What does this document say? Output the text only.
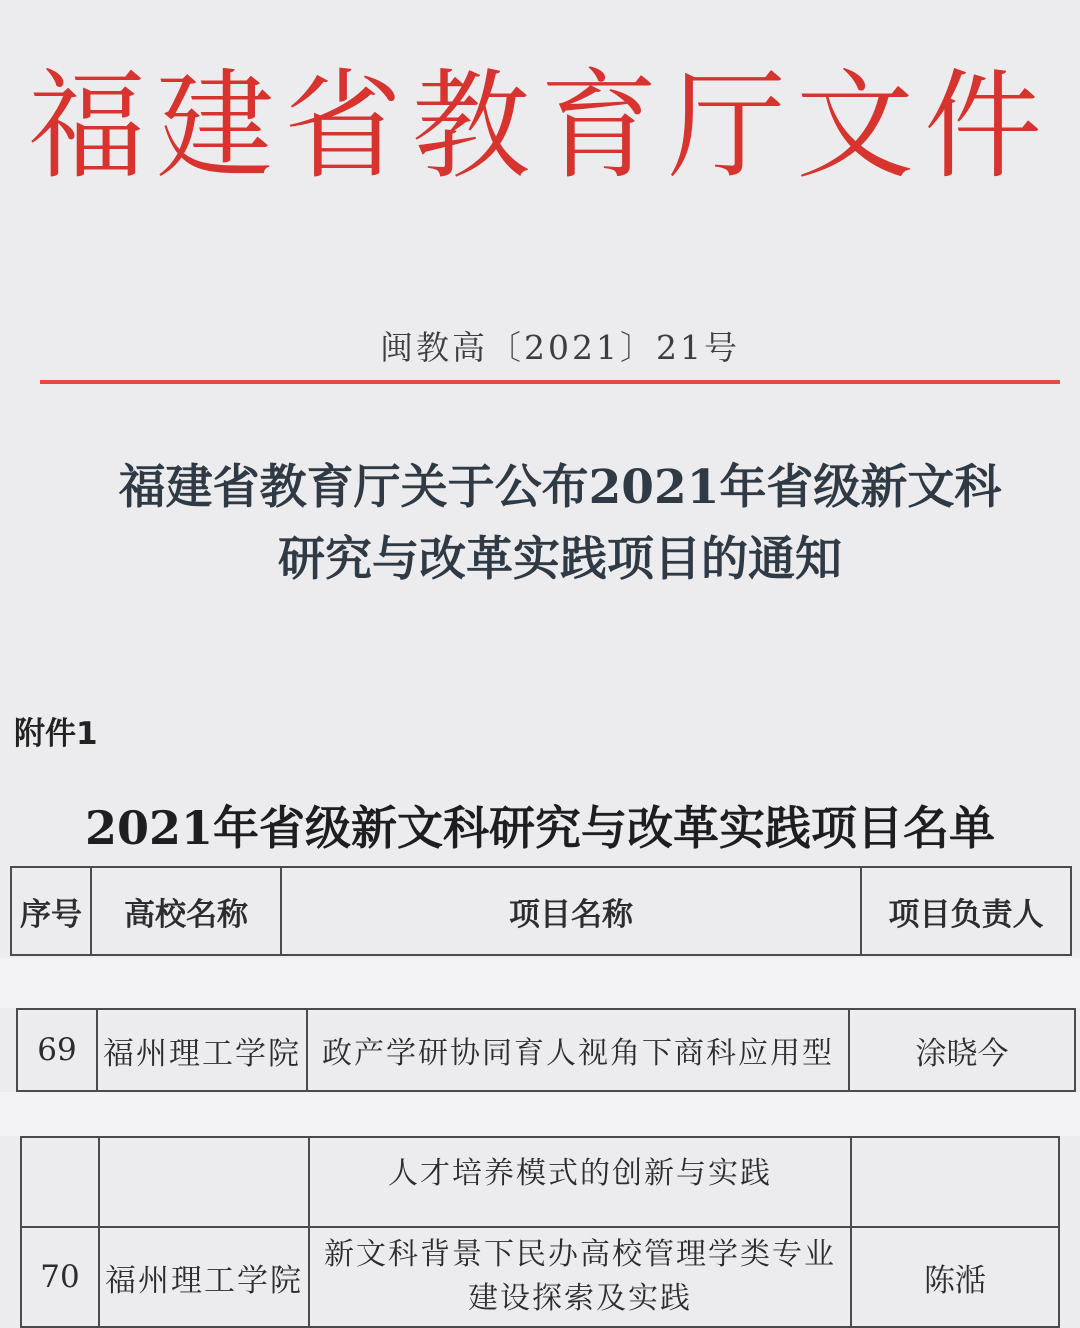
福建省教育厅文件
闽教高〔2021〕21号
福建省教育厅关于公布2021年省级新文科
研究与改革实践项目的通知
附件1
2021年省级新文科研究与改革实践项目名单
序号	高校名称	项目名称	项目负责人
69	福州理工学院	政产学研协同育人视角下商科应用型	涂晓今
		人才培养模式的创新与实践	
70	福州理工学院	新文科背景下民办高校管理学类专业
建设探索及实践	陈湉
